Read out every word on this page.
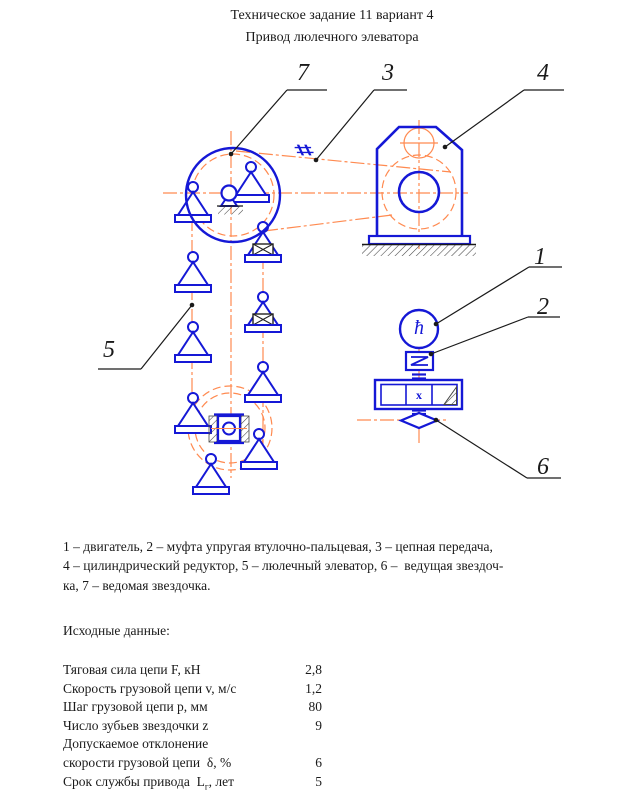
Техническое задание 11 вариант 4
Привод люлечного элеватора
7	3	4
1
2
5
6
♯
ħ
x
1 – двигатель, 2 – муфта упругая втулочно-пальцевая, 3 – цепная передача,
4 – цилиндрический редуктор, 5 – люлечный элеватор, 6 –  ведущая звездоч-
ка, 7 – ведомая звездочка.
Исходные данные:
Тяговая сила цепи F, кН	2,8
Скорость грузовой цепи v, м/с	1,2
Шаг грузовой цепи p, мм	80
Число зубьев звездочки z	9
Допускаемое отклонение
скорости грузовой цепи  δ, %	6
Срок службы привода  $L_г$, лет	5
